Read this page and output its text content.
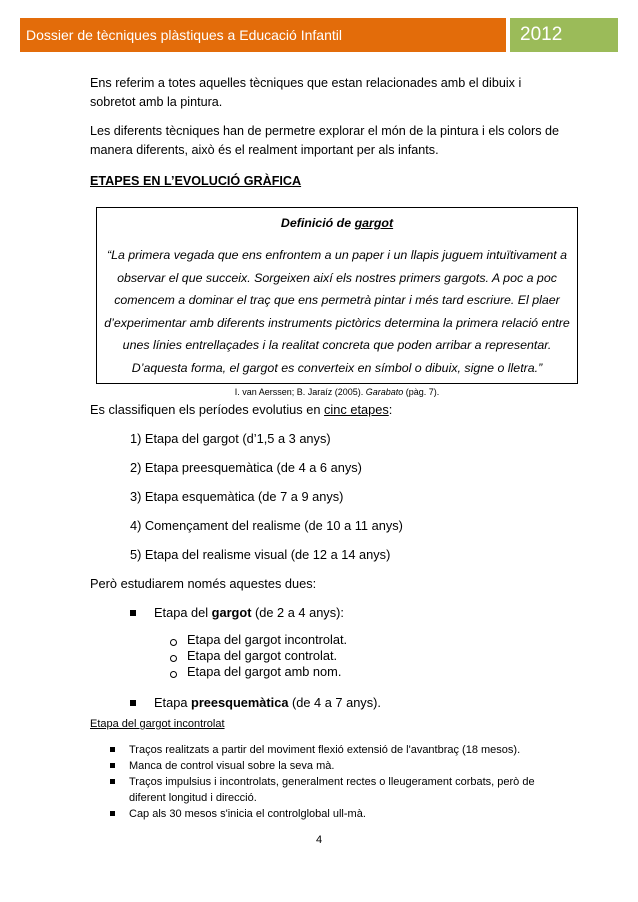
Dossier de tècniques plàstiques a Educació Infantil	2012

Ens referim a totes aquelles tècniques que estan relacionades amb el dibuix i sobretot amb la pintura.

Les diferents tècniques han de permetre explorar el món de la pintura i els colors de manera diferents, això és el realment important per als infants.

ETAPES EN L’EVOLUCIÓ GRÀFICA

Definició de gargot

“La primera vegada que ens enfrontem a un paper i un llapis juguem intuïtivament a observar el que succeix. Sorgeixen així els nostres primers gargots. A poc a poc comencem a dominar el traç que ens permetrà pintar i més tard escriure. El plaer d’experimentar amb diferents instruments pictòrics determina la primera relació entre unes línies entrellaçades i la realitat concreta que poden arribar a representar. D’aquesta forma, el gargot es converteix en símbol o dibuix, signe o lletra.”

I. van Aerssen; B. Jaraíz (2005). Garabato (pàg. 7).

Es classifiquen els períodes evolutius en cinc etapes:
1) Etapa del gargot (d’1,5 a 3 anys)
2) Etapa preesquemàtica (de 4 a 6 anys)
3) Etapa esquemàtica (de 7 a 9 anys)
4) Començament del realisme (de 10 a 11 anys)
5) Etapa del realisme visual (de 12 a 14 anys)
Però estudiarem només aquestes dues:
Etapa del gargot (de 2 a 4 anys):
Etapa del gargot incontrolat.
Etapa del gargot controlat.
Etapa del gargot amb nom.
Etapa preesquemàtica (de 4 a 7 anys).
Etapa del gargot incontrolat
Traços realitzats a partir del moviment flexió extensió de l'avantbraç (18 mesos).
Manca de control visual sobre la seva mà.
Traços impulsius i incontrolats, generalment rectes o lleugerament corbats, però de diferent longitud i direcció.
Cap als 30 mesos s'inicia el controlglobal ull-mà.
4
